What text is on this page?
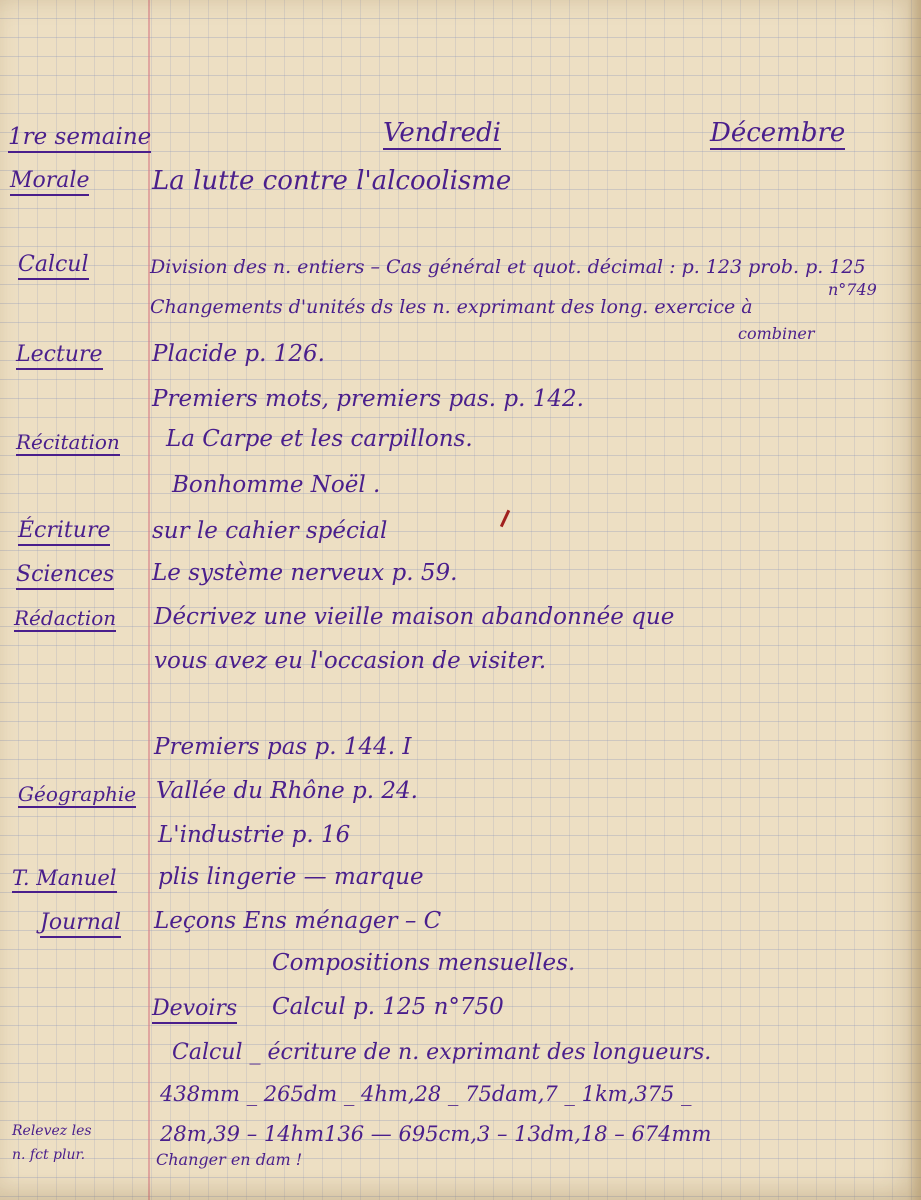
1re semaine	Vendredi	Décembre
Morale La lutte contre l'alcoolisme
Calcul	Division des n. entiers – Cas général et quot. décimal : p. 123 prob. p. 125
n°749
Changements d'unités ds les n. exprimant des long. exercice à
combiner
Lecture Placide p. 126.
Premiers mots, premiers pas. p. 142.
Récitation La Carpe et les carpillons.
Bonhomme Noël .
Écriture sur le cahier spécial
Sciences Le système nerveux p. 59.
Rédaction Décrivez une vieille maison abandonnée que
vous avez eu l'occasion de visiter.
Premiers pas p. 144. I
Géographie Vallée du Rhône p. 24.
L'industrie p. 16
T. Manuel plis lingerie — marque
Journal Leçons Ens ménager – C
Compositions mensuelles.
Devoirs Calcul p. 125 n°750
Calcul _ écriture de n. exprimant des longueurs.
438mm _ 265dm _ 4hm,28 _ 75dam,7 _ 1km,375 _
28m,39 – 14hm136 — 695cm,3 – 13dm,18 – 674mm
Relevez les
n. fct plur.	Changer en dam !
